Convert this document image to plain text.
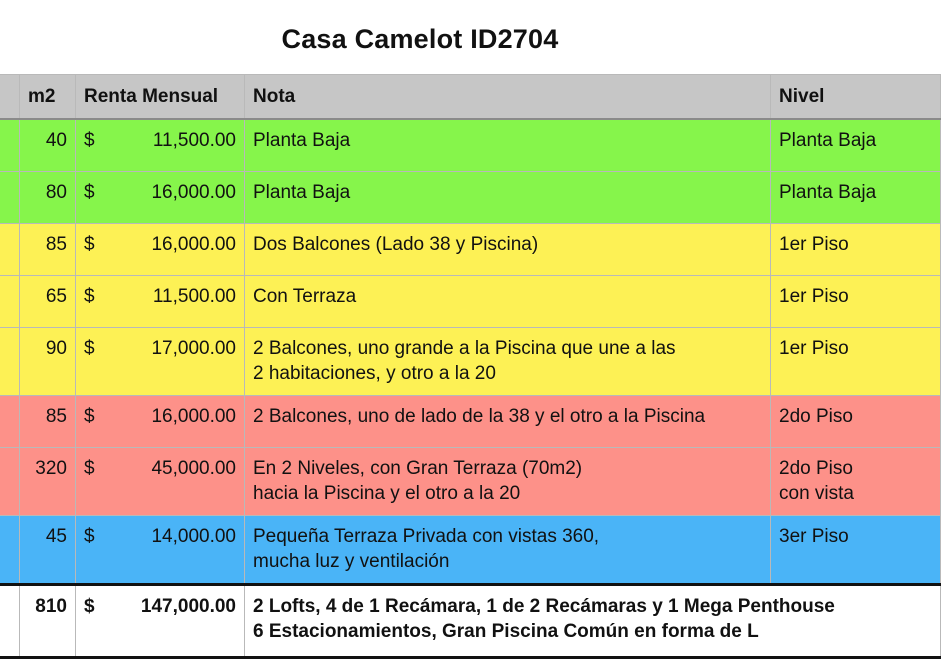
Casa Camelot ID2704
	m2	Renta Mensual	Nota	Nivel
	40	$ 11,500.00	Planta Baja	Planta Baja

	80	$ 16,000.00	Planta Baja	Planta Baja

	85	$ 16,000.00	Dos Balcones (Lado 38 y Piscina)	1er Piso

	65	$ 11,500.00	Con Terraza	1er Piso

	90	$ 17,000.00	2 Balcones, uno grande a la Piscina que une a las
2 habitaciones, y otro a la 20	1er Piso

	85	$ 16,000.00	2 Balcones, uno de lado de la 38 y el otro a la Piscina	2do Piso

	320	$ 45,000.00	En 2 Niveles, con Gran Terraza (70m2)
hacia la Piscina y el otro a la 20	2do Piso
con vista

	45	$ 14,000.00	Pequeña Terraza Privada con vistas 360,
mucha luz y ventilación	3er Piso

	810	$ 147,000.00	2 Lofts, 4 de 1 Recámara, 1 de 2 Recámaras y 1 Mega Penthouse
6 Estacionamientos, Gran Piscina Común en forma de L	
